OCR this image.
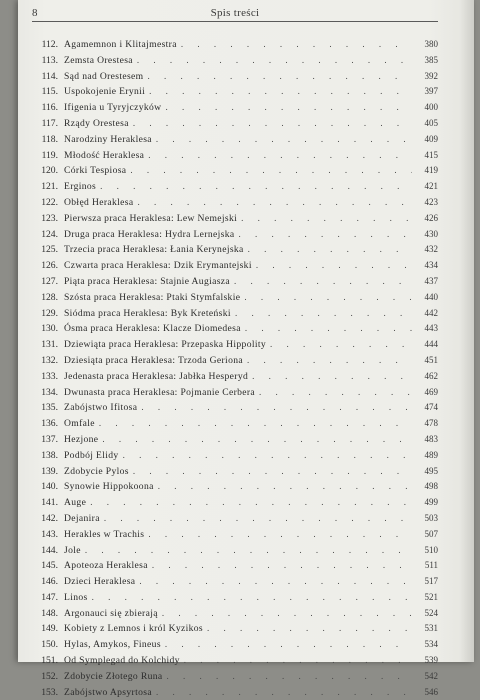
8	Spis treści
112. Agamemnon i Klitajmestra . . .	380
113. Zemsta Orestesa . . .	385
114. Sąd nad Orestesem . . .	392
115. Uspokojenie Erynii . . .	397
116. Ifigenia u Tyryjczyków . . .	400
117. Rządy Orestesa . . .	405
118. Narodziny Heraklesa . . .	409
119. Młodość Heraklesa . . .	415
120. Córki Tespiosa . . .	419
121. Erginos . . .	421
122. Obłęd Heraklesa . . .	423
123. Pierwsza praca Heraklesa: Lew Nemejski . . .	426
124. Druga praca Heraklesa: Hydra Lernejska . . .	430
125. Trzecia praca Heraklesa: Łania Kerynejska . . .	432
126. Czwarta praca Heraklesa: Dzik Erymantejski . . .	434
127. Piąta praca Heraklesa: Stajnie Augiasza . . .	437
128. Szósta praca Heraklesa: Ptaki Stymfalskie . . .	440
129. Siódma praca Heraklesa: Byk Kreteński . . .	442
130. Ósma praca Heraklesa: Klacze Diomedesa . . .	443
131. Dziewiąta praca Heraklesa: Przepaska Hippolity . . .	444
132. Dziesiąta praca Heraklesa: Trzoda Geriona . . .	451
133. Jedenasta praca Heraklesa: Jabłka Hesperyd . . .	462
134. Dwunasta praca Heraklesa: Pojmanie Cerbera . . .	469
135. Zabójstwo Ifitosa . . .	474
136. Omfale . . .	478
137. Hezjone . . .	483
138. Podbój Elidy . . .	489
139. Zdobycie Pylos . . .	495
140. Synowie Hippokoona . . .	498
141. Auge . . .	499
142. Dejanira . . .	503
143. Herakles w Trachis . . .	507
144. Jole . . .	510
145. Apoteoza Heraklesa . . .	511
146. Dzieci Heraklesa . . .	517
147. Linos . . .	521
148. Argonauci się zbierają . . .	524
149. Kobiety z Lemnos i król Kyzikos . . .	531
150. Hylas, Amykos, Fineus . . .	534
151. Od Symplegad do Kolchidy . . .	539
152. Zdobycie Złotego Runa . . .	542
153. Zabójstwo Apsyrtosa . . .	546
